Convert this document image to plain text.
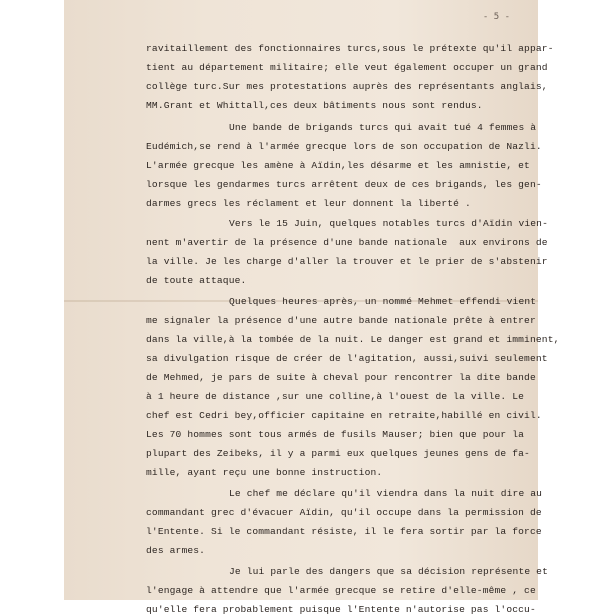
- 5 -
ravitaillement des fonctionnaires turcs,sous le prétexte qu'il appar-
tient au département militaire; elle veut également occuper un grand
collège turc.Sur mes protestations auprès des représentants anglais,
MM.Grant et Whittall,ces deux bâtiments nous sont rendus.
Une bande de brigands turcs qui avait tué 4 femmes à
Eudémich,se rend à l'armée grecque lors de son occupation de Nazli.
L'armée grecque les amène à Aïdin,les désarme et les amnistie, et
lorsque les gendarmes turcs arrêtent deux de ces brigands, les gen-
darmes grecs les réclament et leur donnent la liberté .
Vers le 15 Juin, quelques notables turcs d'Aïdin vien-
nent m'avertir de la présence d'une bande nationale  aux environs de
la ville. Je les charge d'aller la trouver et le prier de s'abstenir
de toute attaque.
Quelques heures après, un nommé Mehmet effendi vient
me signaler la présence d'une autre bande nationale prête à entrer
dans la ville,à la tombée de la nuit. Le danger est grand et imminent,
sa divulgation risque de créer de l'agitation, aussi,suivi seulement
de Mehmed, je pars de suite à cheval pour rencontrer la dite bande
à 1 heure de distance ,sur une colline,à l'ouest de la ville. Le
chef est Cedri bey,officier capitaine en retraite,habillé en civil.
Les 70 hommes sont tous armés de fusils Mauser; bien que pour la
plupart des Zeibeks, il y a parmi eux quelques jeunes gens de fa-
mille, ayant reçu une bonne instruction.
Le chef me déclare qu'il viendra dans la nuit dire au
commandant grec d'évacuer Aïdin, qu'il occupe dans la permission de
l'Entente. Si le commandant résiste, il le fera sortir par la force
des armes.
Je lui parle des dangers que sa décision représente et
l'engage à attendre que l'armée grecque se retire d'elle-même , ce
qu'elle fera probablement puisque l'Entente n'autorise pas l'occu-
